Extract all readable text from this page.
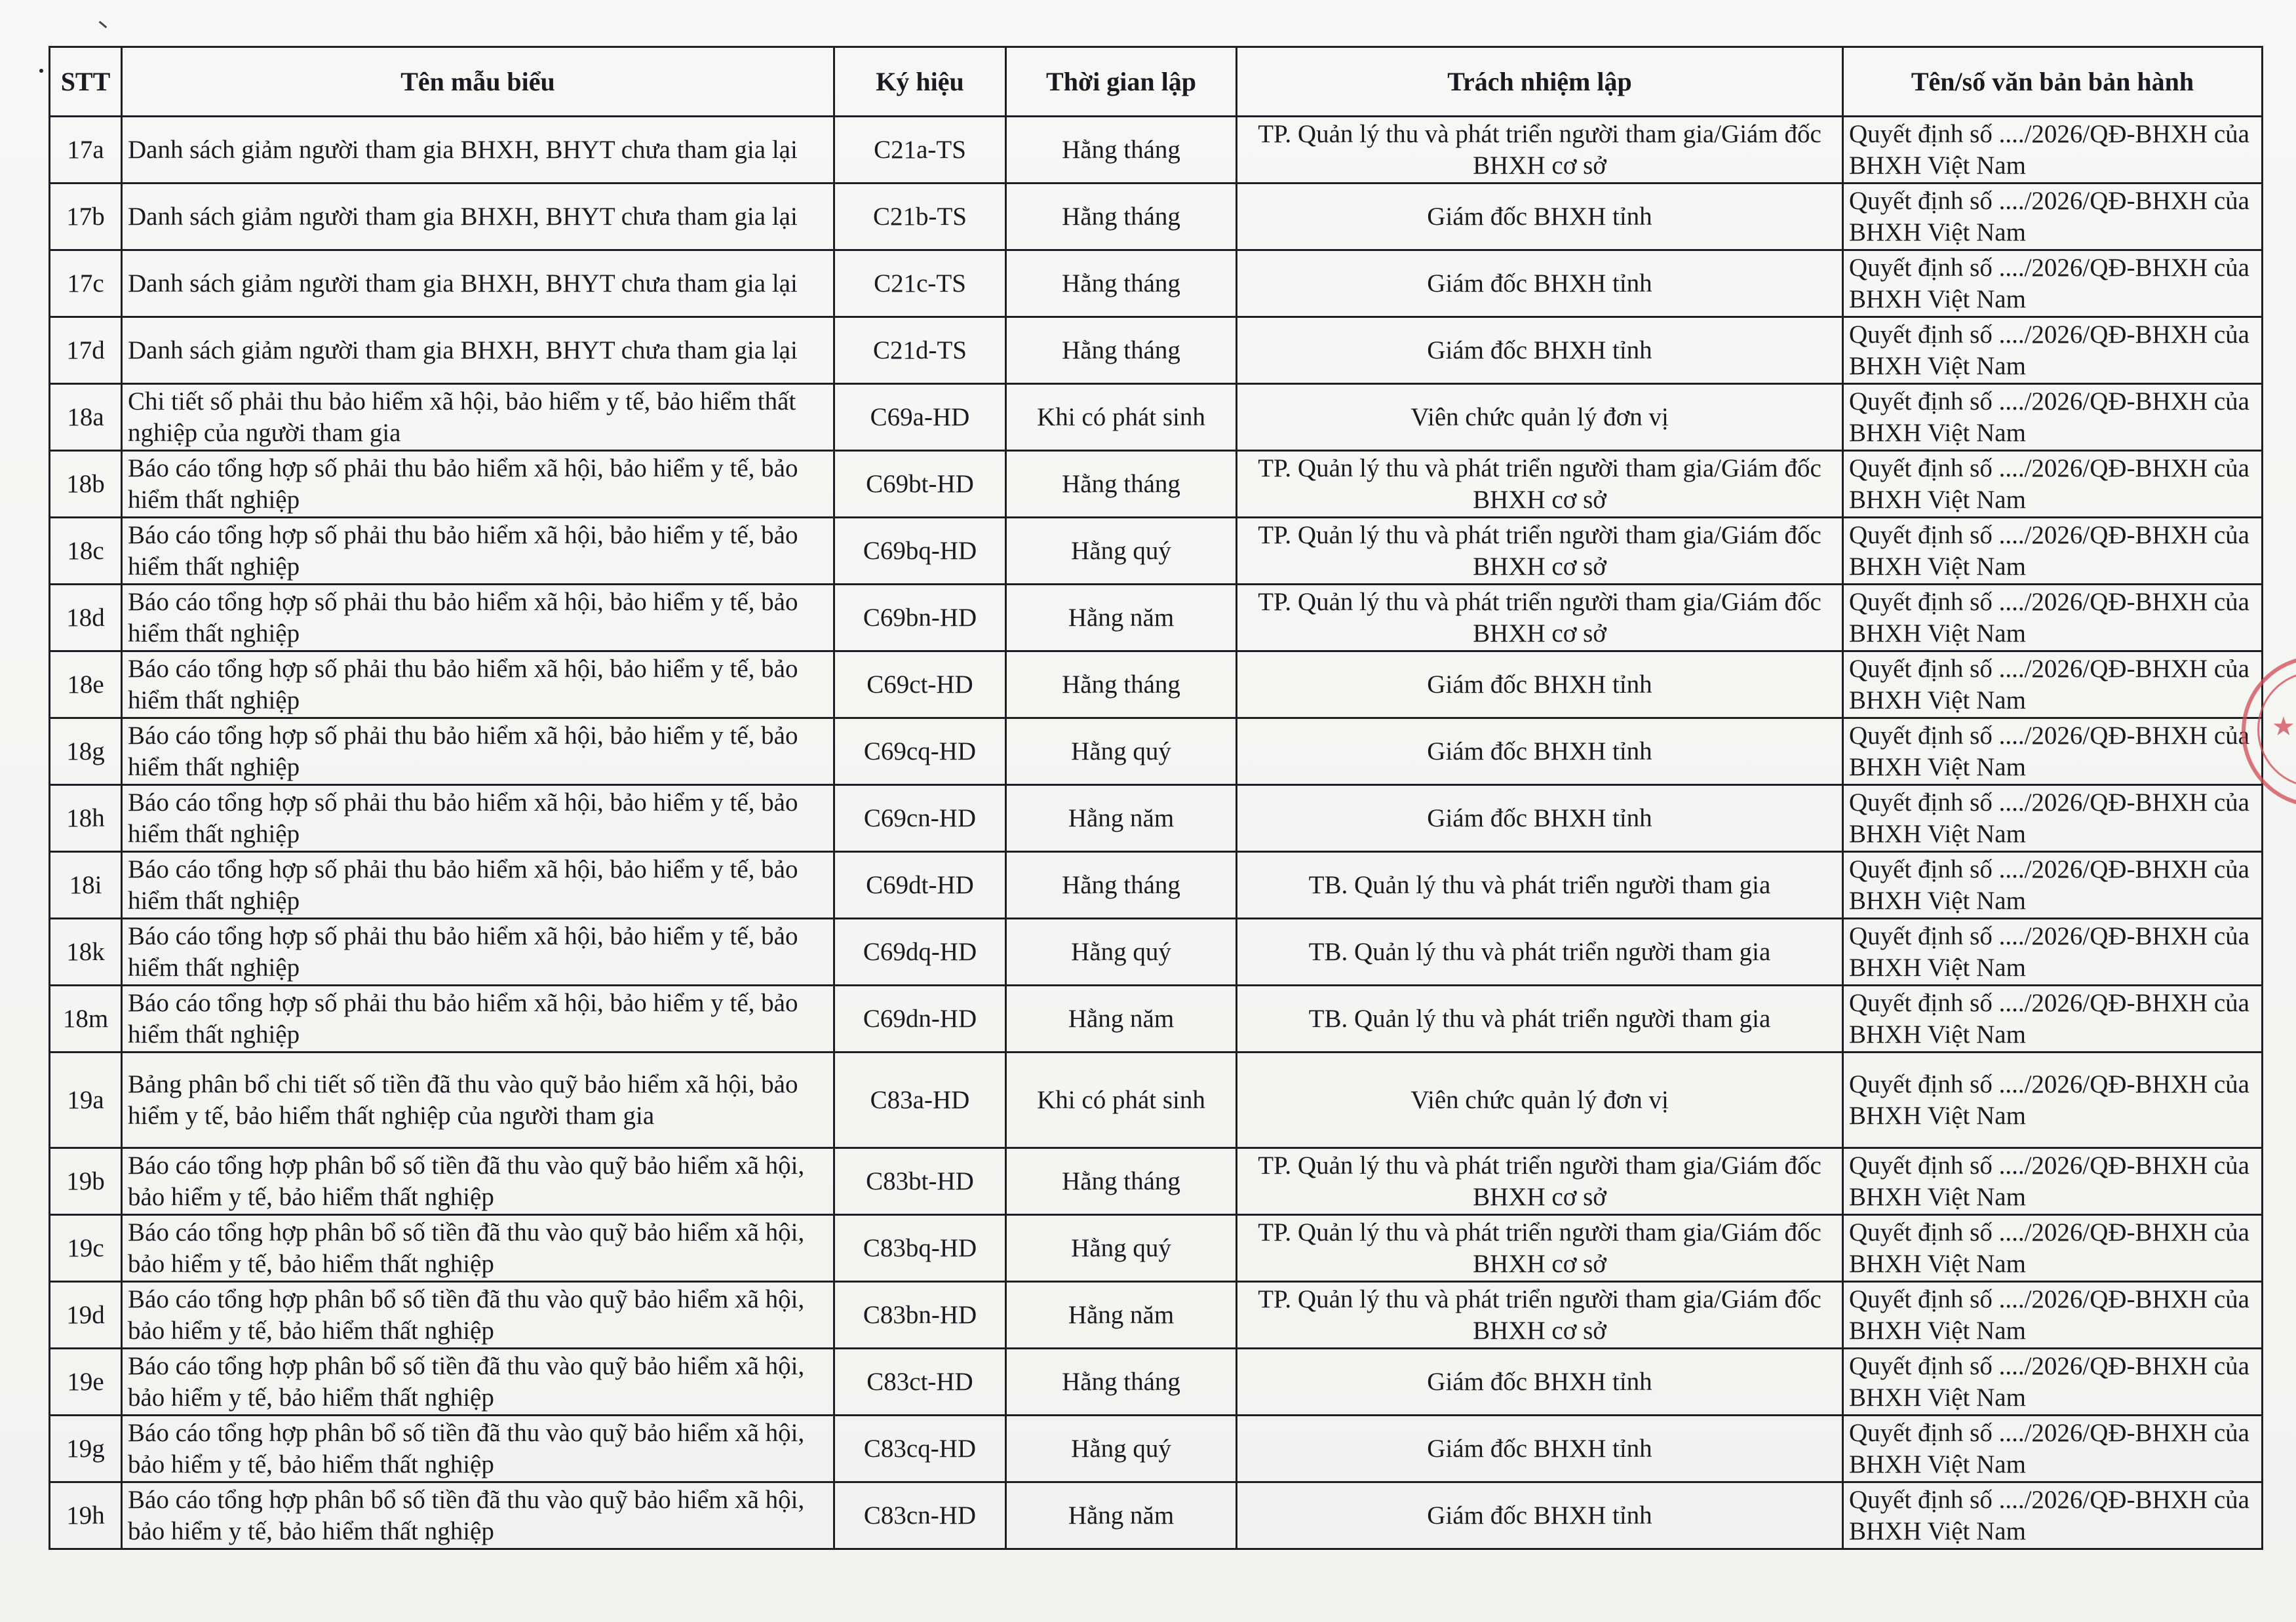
STT	Tên mẫu biểu	Ký hiệu	Thời gian lập	Trách nhiệm lập	Tên/số văn bản bản hành
17a	Danh sách giảm người tham gia BHXH, BHYT chưa tham gia lại	C21a-TS	Hằng tháng	TP. Quản lý thu và phát triển người tham gia/Giám đốc BHXH cơ sở	Quyết định số ..../2026/QĐ-BHXH của BHXH Việt Nam
17b	Danh sách giảm người tham gia BHXH, BHYT chưa tham gia lại	C21b-TS	Hằng tháng	Giám đốc BHXH tỉnh	Quyết định số ..../2026/QĐ-BHXH của BHXH Việt Nam
17c	Danh sách giảm người tham gia BHXH, BHYT chưa tham gia lại	C21c-TS	Hằng tháng	Giám đốc BHXH tỉnh	Quyết định số ..../2026/QĐ-BHXH của BHXH Việt Nam
17d	Danh sách giảm người tham gia BHXH, BHYT chưa tham gia lại	C21d-TS	Hằng tháng	Giám đốc BHXH tỉnh	Quyết định số ..../2026/QĐ-BHXH của BHXH Việt Nam
18a	Chi tiết số phải thu bảo hiểm xã hội, bảo hiểm y tế, bảo hiểm thất nghiệp của người tham gia	C69a-HD	Khi có phát sinh	Viên chức quản lý đơn vị	Quyết định số ..../2026/QĐ-BHXH của BHXH Việt Nam
18b	Báo cáo tổng hợp số phải thu bảo hiểm xã hội, bảo hiểm y tế, bảo hiểm thất nghiệp	C69bt-HD	Hằng tháng	TP. Quản lý thu và phát triển người tham gia/Giám đốc BHXH cơ sở	Quyết định số ..../2026/QĐ-BHXH của BHXH Việt Nam
18c	Báo cáo tổng hợp số phải thu bảo hiểm xã hội, bảo hiểm y tế, bảo hiểm thất nghiệp	C69bq-HD	Hằng quý	TP. Quản lý thu và phát triển người tham gia/Giám đốc BHXH cơ sở	Quyết định số ..../2026/QĐ-BHXH của BHXH Việt Nam
18d	Báo cáo tổng hợp số phải thu bảo hiểm xã hội, bảo hiểm y tế, bảo hiểm thất nghiệp	C69bn-HD	Hằng năm	TP. Quản lý thu và phát triển người tham gia/Giám đốc BHXH cơ sở	Quyết định số ..../2026/QĐ-BHXH của BHXH Việt Nam
18e	Báo cáo tổng hợp số phải thu bảo hiểm xã hội, bảo hiểm y tế, bảo hiểm thất nghiệp	C69ct-HD	Hằng tháng	Giám đốc BHXH tỉnh	Quyết định số ..../2026/QĐ-BHXH của BHXH Việt Nam
18g	Báo cáo tổng hợp số phải thu bảo hiểm xã hội, bảo hiểm y tế, bảo hiểm thất nghiệp	C69cq-HD	Hằng quý	Giám đốc BHXH tỉnh	Quyết định số ..../2026/QĐ-BHXH của BHXH Việt Nam
18h	Báo cáo tổng hợp số phải thu bảo hiểm xã hội, bảo hiểm y tế, bảo hiểm thất nghiệp	C69cn-HD	Hằng năm	Giám đốc BHXH tỉnh	Quyết định số ..../2026/QĐ-BHXH của BHXH Việt Nam
18i	Báo cáo tổng hợp số phải thu bảo hiểm xã hội, bảo hiểm y tế, bảo hiểm thất nghiệp	C69dt-HD	Hằng tháng	TB. Quản lý thu và phát triển người tham gia	Quyết định số ..../2026/QĐ-BHXH của BHXH Việt Nam
18k	Báo cáo tổng hợp số phải thu bảo hiểm xã hội, bảo hiểm y tế, bảo hiểm thất nghiệp	C69dq-HD	Hằng quý	TB. Quản lý thu và phát triển người tham gia	Quyết định số ..../2026/QĐ-BHXH của BHXH Việt Nam
18m	Báo cáo tổng hợp số phải thu bảo hiểm xã hội, bảo hiểm y tế, bảo hiểm thất nghiệp	C69dn-HD	Hằng năm	TB. Quản lý thu và phát triển người tham gia	Quyết định số ..../2026/QĐ-BHXH của BHXH Việt Nam
19a	Bảng phân bổ chi tiết số tiền đã thu vào quỹ bảo hiểm xã hội, bảo hiểm y tế, bảo hiểm thất nghiệp của người tham gia	C83a-HD	Khi có phát sinh	Viên chức quản lý đơn vị	Quyết định số ..../2026/QĐ-BHXH của BHXH Việt Nam
19b	Báo cáo tổng hợp phân bổ số tiền đã thu vào quỹ bảo hiểm xã hội, bảo hiểm y tế, bảo hiểm thất nghiệp	C83bt-HD	Hằng tháng	TP. Quản lý thu và phát triển người tham gia/Giám đốc BHXH cơ sở	Quyết định số ..../2026/QĐ-BHXH của BHXH Việt Nam
19c	Báo cáo tổng hợp phân bổ số tiền đã thu vào quỹ bảo hiểm xã hội, bảo hiểm y tế, bảo hiểm thất nghiệp	C83bq-HD	Hằng quý	TP. Quản lý thu và phát triển người tham gia/Giám đốc BHXH cơ sở	Quyết định số ..../2026/QĐ-BHXH của BHXH Việt Nam
19d	Báo cáo tổng hợp phân bổ số tiền đã thu vào quỹ bảo hiểm xã hội, bảo hiểm y tế, bảo hiểm thất nghiệp	C83bn-HD	Hằng năm	TP. Quản lý thu và phát triển người tham gia/Giám đốc BHXH cơ sở	Quyết định số ..../2026/QĐ-BHXH của BHXH Việt Nam
19e	Báo cáo tổng hợp phân bổ số tiền đã thu vào quỹ bảo hiểm xã hội, bảo hiểm y tế, bảo hiểm thất nghiệp	C83ct-HD	Hằng tháng	Giám đốc BHXH tỉnh	Quyết định số ..../2026/QĐ-BHXH của BHXH Việt Nam
19g	Báo cáo tổng hợp phân bổ số tiền đã thu vào quỹ bảo hiểm xã hội, bảo hiểm y tế, bảo hiểm thất nghiệp	C83cq-HD	Hằng quý	Giám đốc BHXH tỉnh	Quyết định số ..../2026/QĐ-BHXH của BHXH Việt Nam
19h	Báo cáo tổng hợp phân bổ số tiền đã thu vào quỹ bảo hiểm xã hội, bảo hiểm y tế, bảo hiểm thất nghiệp	C83cn-HD	Hằng năm	Giám đốc BHXH tỉnh	Quyết định số ..../2026/QĐ-BHXH của BHXH Việt Nam
★
